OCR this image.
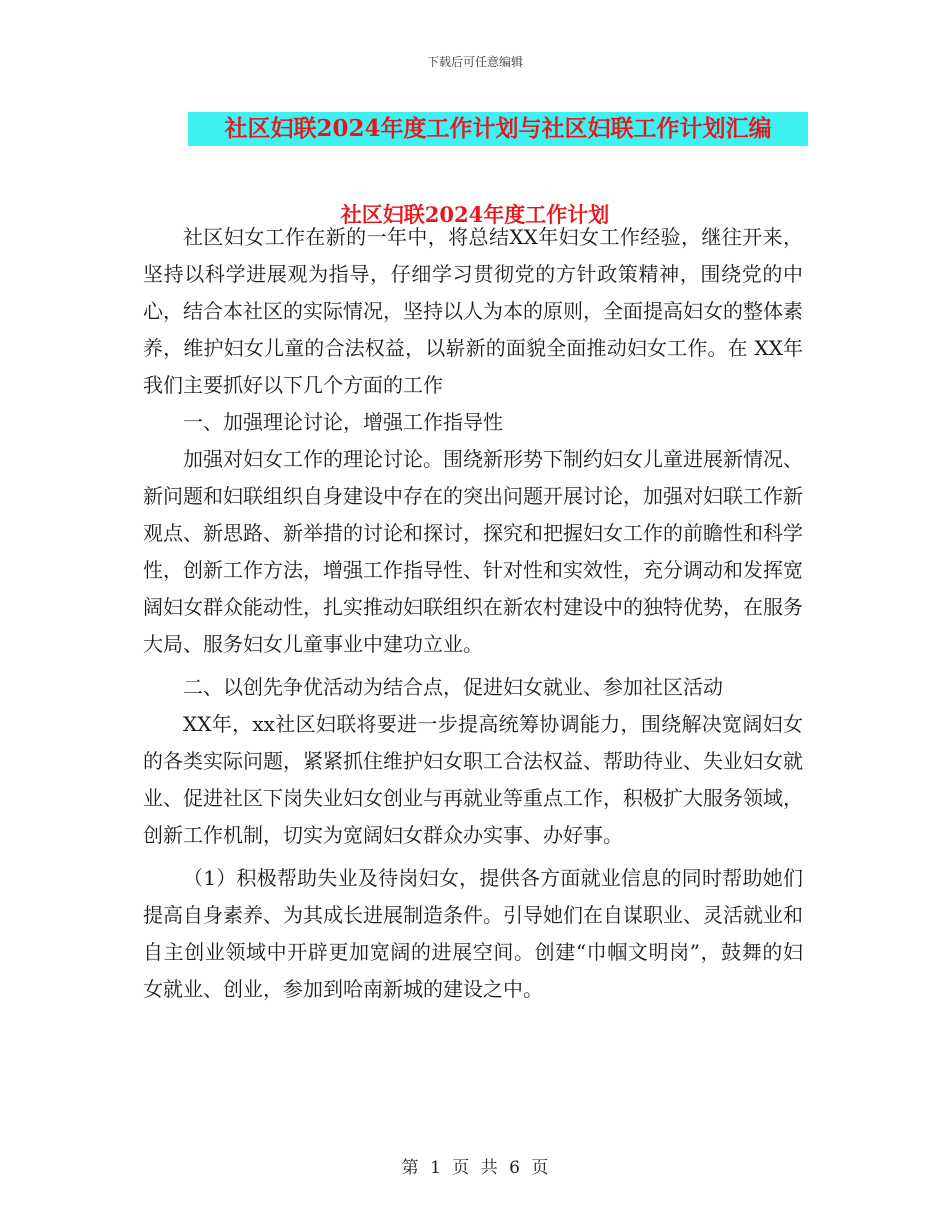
下载后可任意编辑
社区妇联2024年度工作计划与社区妇联工作计划汇编
社区妇联2024年度工作计划

社区妇女工作在新的一年中，将总结XX年妇女工作经验，继往开来，坚持以科学进展观为指导，仔细学习贯彻党的方针政策精神，围绕党的中心，结合本社区的实际情况，坚持以人为本的原则，全面提高妇女的整体素养，维护妇女儿童的合法权益，以崭新的面貌全面推动妇女工作。在 XX年我们主要抓好以下几个方面的工作

一、加强理论讨论，增强工作指导性

加强对妇女工作的理论讨论。围绕新形势下制约妇女儿童进展新情况、新问题和妇联组织自身建设中存在的突出问题开展讨论，加强对妇联工作新观点、新思路、新举措的讨论和探讨，探究和把握妇女工作的前瞻性和科学性，创新工作方法，增强工作指导性、针对性和实效性，充分调动和发挥宽阔妇女群众能动性，扎实推动妇联组织在新农村建设中的独特优势，在服务大局、服务妇女儿童事业中建功立业。

二、以创先争优活动为结合点，促进妇女就业、参加社区活动

XX年，xx社区妇联将要进一步提高统筹协调能力，围绕解决宽阔妇女的各类实际问题，紧紧抓住维护妇女职工合法权益、帮助待业、失业妇女就业、促进社区下岗失业妇女创业与再就业等重点工作，积极扩大服务领域，创新工作机制，切实为宽阔妇女群众办实事、办好事。

（1）积极帮助失业及待岗妇女，提供各方面就业信息的同时帮助她们提高自身素养、为其成长进展制造条件。引导她们在自谋职业、灵活就业和自主创业领域中开辟更加宽阔的进展空间。创建“巾帼文明岗”，鼓舞的妇女就业、创业，参加到哈南新城的建设之中。

第 1 页 共 6 页
